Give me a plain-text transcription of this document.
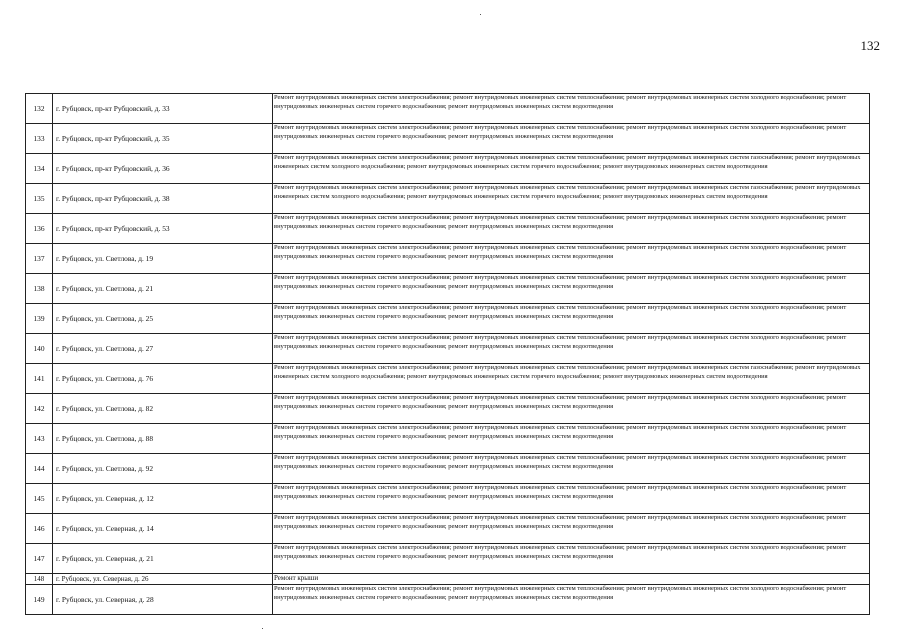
132
132	г. Рубцовск, пр-кт Рубцовский, д. 33	Ремонт внутридомовых инженерных систем электроснабжения; ремонт внутридомовых инженерных систем теплоснабжения; ремонт внутридомовых инженерных систем холодного водоснабжения; ремонт внутридомовых инженерных систем горячего водоснабжения; ремонт внутридомовых инженерных систем водоотведения

133	г. Рубцовск, пр-кт Рубцовский, д. 35	Ремонт внутридомовых инженерных систем электроснабжения; ремонт внутридомовых инженерных систем теплоснабжения; ремонт внутридомовых инженерных систем холодного водоснабжения; ремонт внутридомовых инженерных систем горячего водоснабжения; ремонт внутридомовых инженерных систем водоотведения

134	г. Рубцовск, пр-кт Рубцовский, д. 36	Ремонт внутридомовых инженерных систем электроснабжения; ремонт внутридомовых инженерных систем теплоснабжения; ремонт внутридомовых инженерных систем газоснабжения; ремонт внутридомовых инженерных систем холодного водоснабжения; ремонт внутридомовых инженерных систем горячего водоснабжения; ремонт внутридомовых инженерных систем водоотведения

135	г. Рубцовск, пр-кт Рубцовский, д. 38	Ремонт внутридомовых инженерных систем электроснабжения; ремонт внутридомовых инженерных систем теплоснабжения; ремонт внутридомовых инженерных систем газоснабжения; ремонт внутридомовых инженерных систем холодного водоснабжения; ремонт внутридомовых инженерных систем горячего водоснабжения; ремонт внутридомовых инженерных систем водоотведения

136	г. Рубцовск, пр-кт Рубцовский, д. 53	Ремонт внутридомовых инженерных систем электроснабжения; ремонт внутридомовых инженерных систем теплоснабжения; ремонт внутридомовых инженерных систем холодного водоснабжения; ремонт внутридомовых инженерных систем горячего водоснабжения; ремонт внутридомовых инженерных систем водоотведения

137	г. Рубцовск, ул. Светлова, д. 19	Ремонт внутридомовых инженерных систем электроснабжения; ремонт внутридомовых инженерных систем теплоснабжения; ремонт внутридомовых инженерных систем холодного водоснабжения; ремонт внутридомовых инженерных систем горячего водоснабжения; ремонт внутридомовых инженерных систем водоотведения

138	г. Рубцовск, ул. Светлова, д. 21	Ремонт внутридомовых инженерных систем электроснабжения; ремонт внутридомовых инженерных систем теплоснабжения; ремонт внутридомовых инженерных систем холодного водоснабжения; ремонт внутридомовых инженерных систем горячего водоснабжения; ремонт внутридомовых инженерных систем водоотведения

139	г. Рубцовск, ул. Светлова, д. 25	Ремонт внутридомовых инженерных систем электроснабжения; ремонт внутридомовых инженерных систем теплоснабжения; ремонт внутридомовых инженерных систем холодного водоснабжения; ремонт внутридомовых инженерных систем горячего водоснабжения; ремонт внутридомовых инженерных систем водоотведения

140	г. Рубцовск, ул. Светлова, д. 27	Ремонт внутридомовых инженерных систем электроснабжения; ремонт внутридомовых инженерных систем теплоснабжения; ремонт внутридомовых инженерных систем холодного водоснабжения; ремонт внутридомовых инженерных систем горячего водоснабжения; ремонт внутридомовых инженерных систем водоотведения

141	г. Рубцовск, ул. Светлова, д. 76	Ремонт внутридомовых инженерных систем электроснабжения; ремонт внутридомовых инженерных систем теплоснабжения; ремонт внутридомовых инженерных систем газоснабжения; ремонт внутридомовых инженерных систем холодного водоснабжения; ремонт внутридомовых инженерных систем горячего водоснабжения; ремонт внутридомовых инженерных систем водоотведения

142	г. Рубцовск, ул. Светлова, д. 82	Ремонт внутридомовых инженерных систем электроснабжения; ремонт внутридомовых инженерных систем теплоснабжения; ремонт внутридомовых инженерных систем холодного водоснабжения; ремонт внутридомовых инженерных систем горячего водоснабжения; ремонт внутридомовых инженерных систем водоотведения

143	г. Рубцовск, ул. Светлова, д. 88	Ремонт внутридомовых инженерных систем электроснабжения; ремонт внутридомовых инженерных систем теплоснабжения; ремонт внутридомовых инженерных систем холодного водоснабжения; ремонт внутридомовых инженерных систем горячего водоснабжения; ремонт внутридомовых инженерных систем водоотведения

144	г. Рубцовск, ул. Светлова, д. 92	Ремонт внутридомовых инженерных систем электроснабжения; ремонт внутридомовых инженерных систем теплоснабжения; ремонт внутридомовых инженерных систем холодного водоснабжения; ремонт внутридомовых инженерных систем горячего водоснабжения; ремонт внутридомовых инженерных систем водоотведения

145	г. Рубцовск, ул. Северная, д. 12	Ремонт внутридомовых инженерных систем электроснабжения; ремонт внутридомовых инженерных систем теплоснабжения; ремонт внутридомовых инженерных систем холодного водоснабжения; ремонт внутридомовых инженерных систем горячего водоснабжения; ремонт внутридомовых инженерных систем водоотведения

146	г. Рубцовск, ул. Северная, д. 14	Ремонт внутридомовых инженерных систем электроснабжения; ремонт внутридомовых инженерных систем теплоснабжения; ремонт внутридомовых инженерных систем холодного водоснабжения; ремонт внутридомовых инженерных систем горячего водоснабжения; ремонт внутридомовых инженерных систем водоотведения

147	г. Рубцовск, ул. Северная, д. 21	Ремонт внутридомовых инженерных систем электроснабжения; ремонт внутридомовых инженерных систем теплоснабжения; ремонт внутридомовых инженерных систем холодного водоснабжения; ремонт внутридомовых инженерных систем горячего водоснабжения; ремонт внутридомовых инженерных систем водоотведения

148	г. Рубцовск, ул. Северная, д. 26	Ремонт крыши

149	г. Рубцовск, ул. Северная, д. 28	Ремонт внутридомовых инженерных систем электроснабжения; ремонт внутридомовых инженерных систем теплоснабжения; ремонт внутридомовых инженерных систем холодного водоснабжения; ремонт внутридомовых инженерных систем горячего водоснабжения; ремонт внутридомовых инженерных систем водоотведения
